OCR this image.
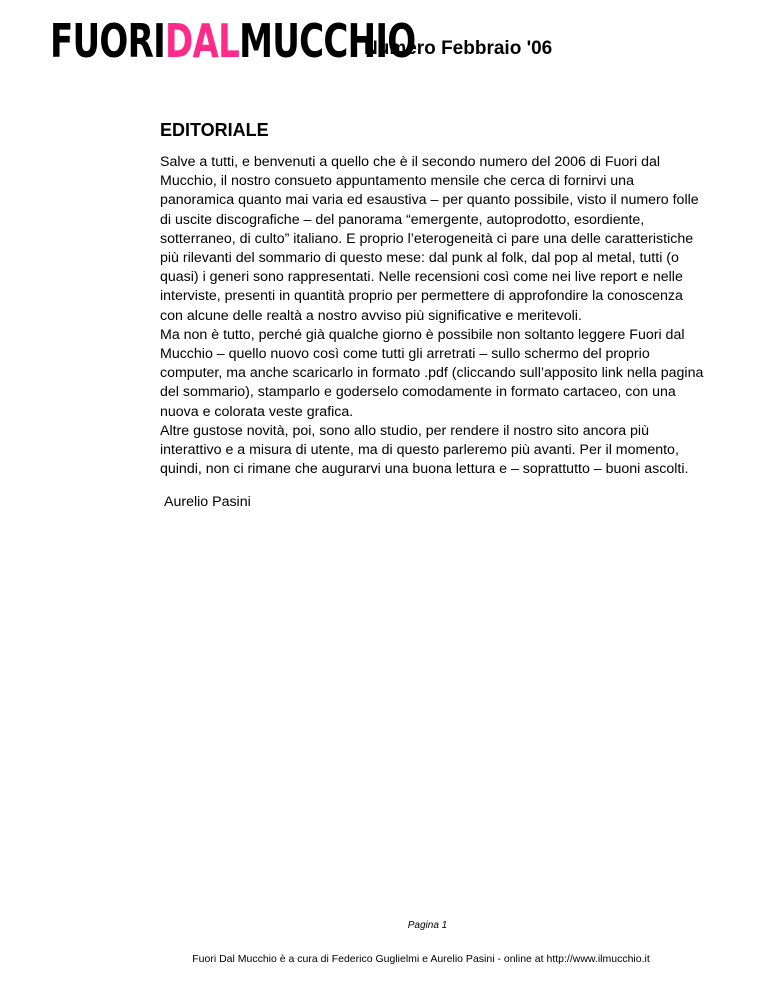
FUORIDALMUCCHIO
Numero Febbraio '06
EDITORIALE

Salve a tutti, e benvenuti a quello che è il secondo numero del 2006 di Fuori dal Mucchio, il nostro consueto appuntamento mensile che cerca di fornirvi una panoramica quanto mai varia ed esaustiva – per quanto possibile, visto il numero folle di uscite discografiche – del panorama “emergente, autoprodotto, esordiente, sotterraneo, di culto” italiano. E proprio l’eterogeneità ci pare una delle caratteristiche più rilevanti del sommario di questo mese: dal punk al folk, dal pop al metal, tutti (o quasi) i generi sono rappresentati. Nelle recensioni così come nei live report e nelle interviste, presenti in quantità proprio per permettere di approfondire la conoscenza con alcune delle realtà a nostro avviso più significative e meritevoli.

Ma non è tutto, perché già qualche giorno è possibile non soltanto leggere Fuori dal Mucchio – quello nuovo così come tutti gli arretrati – sullo schermo del proprio computer, ma anche scaricarlo in formato .pdf (cliccando sull’apposito link nella pagina del sommario), stamparlo e goderselo comodamente in formato cartaceo, con una nuova e colorata veste grafica.

Altre gustose novità, poi, sono allo studio, per rendere il nostro sito ancora più interattivo e a misura di utente, ma di questo parleremo più avanti. Per il momento, quindi, non ci rimane che augurarvi una buona lettura e – soprattutto – buoni ascolti.

Aurelio Pasini

Pagina 1
Fuori Dal Mucchio è a cura di Federico Guglielmi e Aurelio Pasini - online at http://www.ilmucchio.it
